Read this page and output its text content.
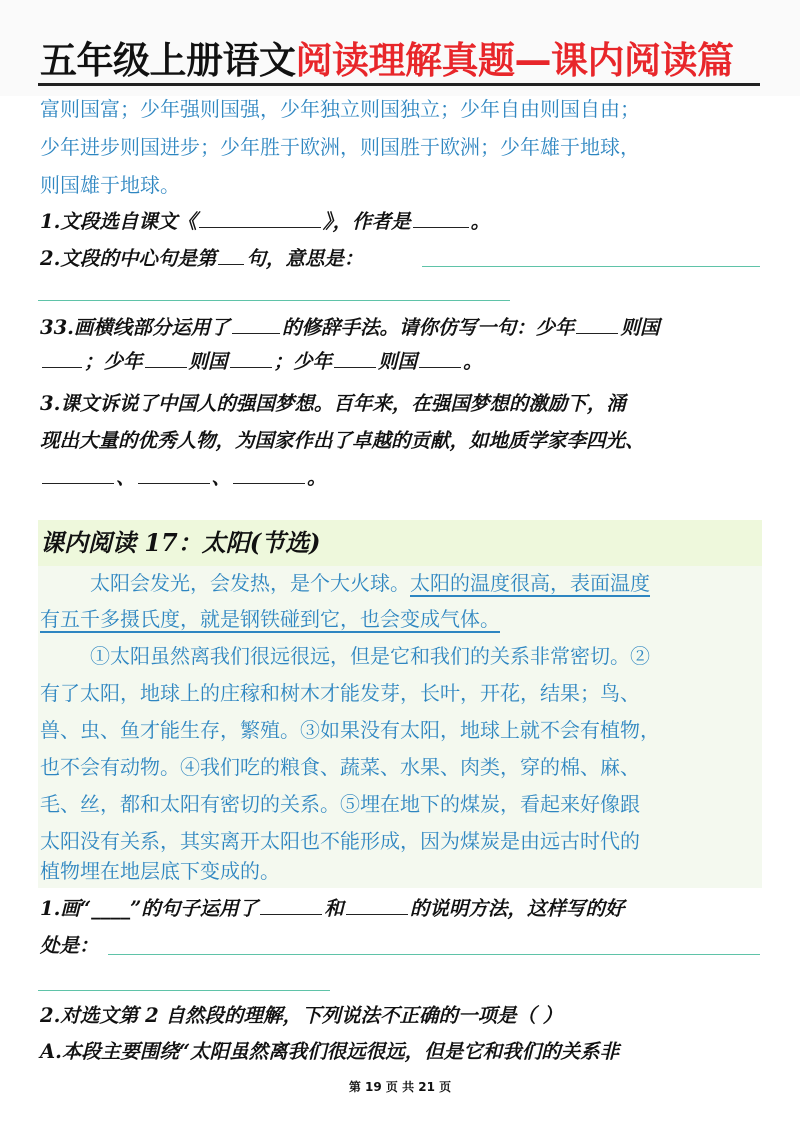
五年级上册语文阅读理解真题—课内阅读篇
富则国富；少年强则国强，少年独立则国独立；少年自由则国自由；
少年进步则国进步；少年胜于欧洲，则国胜于欧洲；少年雄于地球，
则国雄于地球。
1.文段选自课文《	》，作者是	。
2.文段的中心句是第 句，意思是：
33.画横线部分运用了	的修辞手法。请你仿写一句：少年 则国
；少年 则国 ；少年 则国 。
3.课文诉说了中国人的强国梦想。百年来，在强国梦想的激励下，涌
现出大量的优秀人物，为国家作出了卓越的贡献，如地质学家李四光、
、	、	。
课内阅读 17：太阳(节选)
太阳会发光，会发热，是个大火球。太阳的温度很高，表面温度
有五千多摄氏度，就是钢铁碰到它，也会变成气体。
①太阳虽然离我们很远很远，但是它和我们的关系非常密切。②
有了太阳，地球上的庄稼和树木才能发芽，长叶，开花，结果；鸟、
兽、虫、鱼才能生存，繁殖。③如果没有太阳，地球上就不会有植物，
也不会有动物。④我们吃的粮食、蔬菜、水果、肉类，穿的棉、麻、
毛、丝，都和太阳有密切的关系。⑤埋在地下的煤炭，看起来好像跟
太阳没有关系，其实离开太阳也不能形成，因为煤炭是由远古时代的
植物埋在地层底下变成的。
1.画“____”的句子运用了	和	的说明方法，这样写的好
处是：
2.对选文第 2 自然段的理解，下列说法不正确的一项是（ ）
A.本段主要围绕“太阳虽然离我们很远很远，但是它和我们的关系非
第 19 页 共 21 页
